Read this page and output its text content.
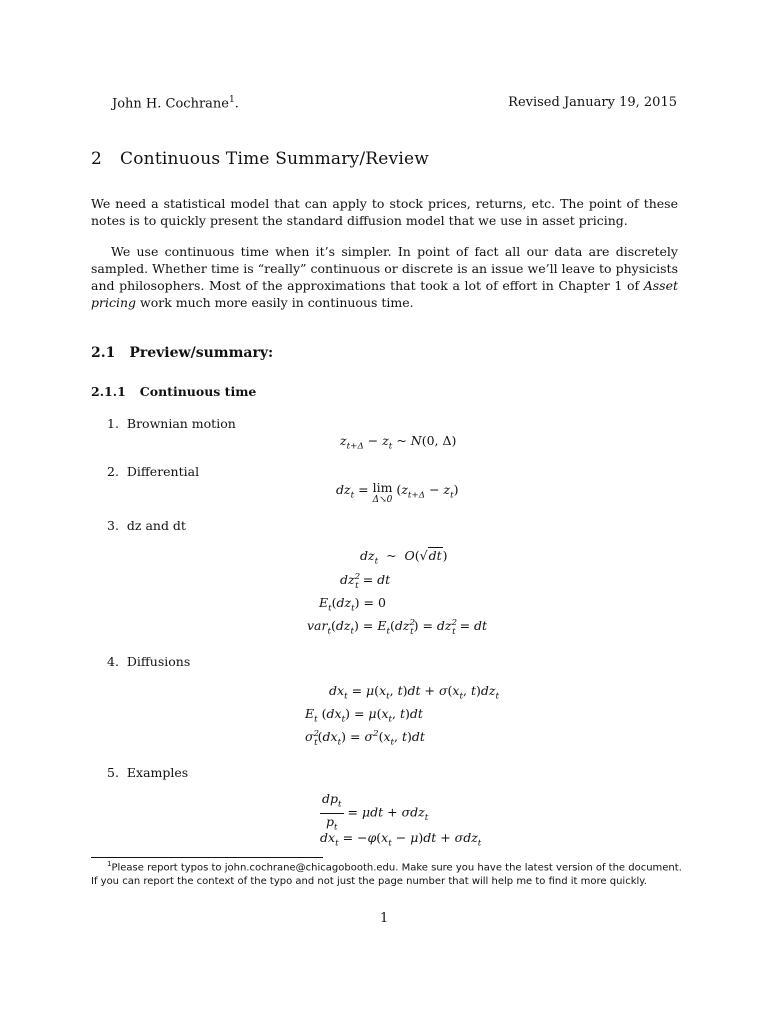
John H. Cochrane$^1$.	Revised January 19, 2015
2 Continuous Time Summary/Review
We need a statistical model that can apply to stock prices, returns, etc. The point of these notes is to quickly present the standard diffusion model that we use in asset pricing.
We use continuous time when it’s simpler. In point of fact all our data are discretely sampled. Whether time is “really” continuous or discrete is an issue we’ll leave to physicists and philosophers. Most of the approximations that took a lot of effort in Chapter 1 of Asset pricing work much more easily in continuous time.
2.1 Preview/summary:
2.1.1 Continuous time
1. Brownian motion
$z_{t+\Delta} - z_t$ ~ N(0, Δ)
2. Differential
$dz_t = \lim$
Δ↘0
$(z_{t+\Delta} - z_t)$
3. dz and dt
$dz_t$  ~  O(√dt)
$dz^2_t$ = dt
$E_t(dz_t) = 0$
$var_t(dz_t) = E_t(dz^2_t) = dz^2_t$ = dt
4. Diffusions
$dx_t = \mu(x_t$, $t)dt + \sigma(x_t$, $t)dz_t$
$E_t$ $(dx_t) = \mu(x_t$, t)dt
$\sigma^2_t(dx_t) = \sigma^2(x_t$, t)dt
5. Examples
$\frac{dp_t}{p_t} = \mu dt + \sigma dz_t$
$dx_t = -\varphi(x_t - \mu)dt + \sigma dz_t$
$^1$Please report typos to john.cochrane@chicagobooth.edu. Make sure you have the latest version of the document.
If you can report the context of the typo and not just the page number that will help me to find it more quickly.
1
